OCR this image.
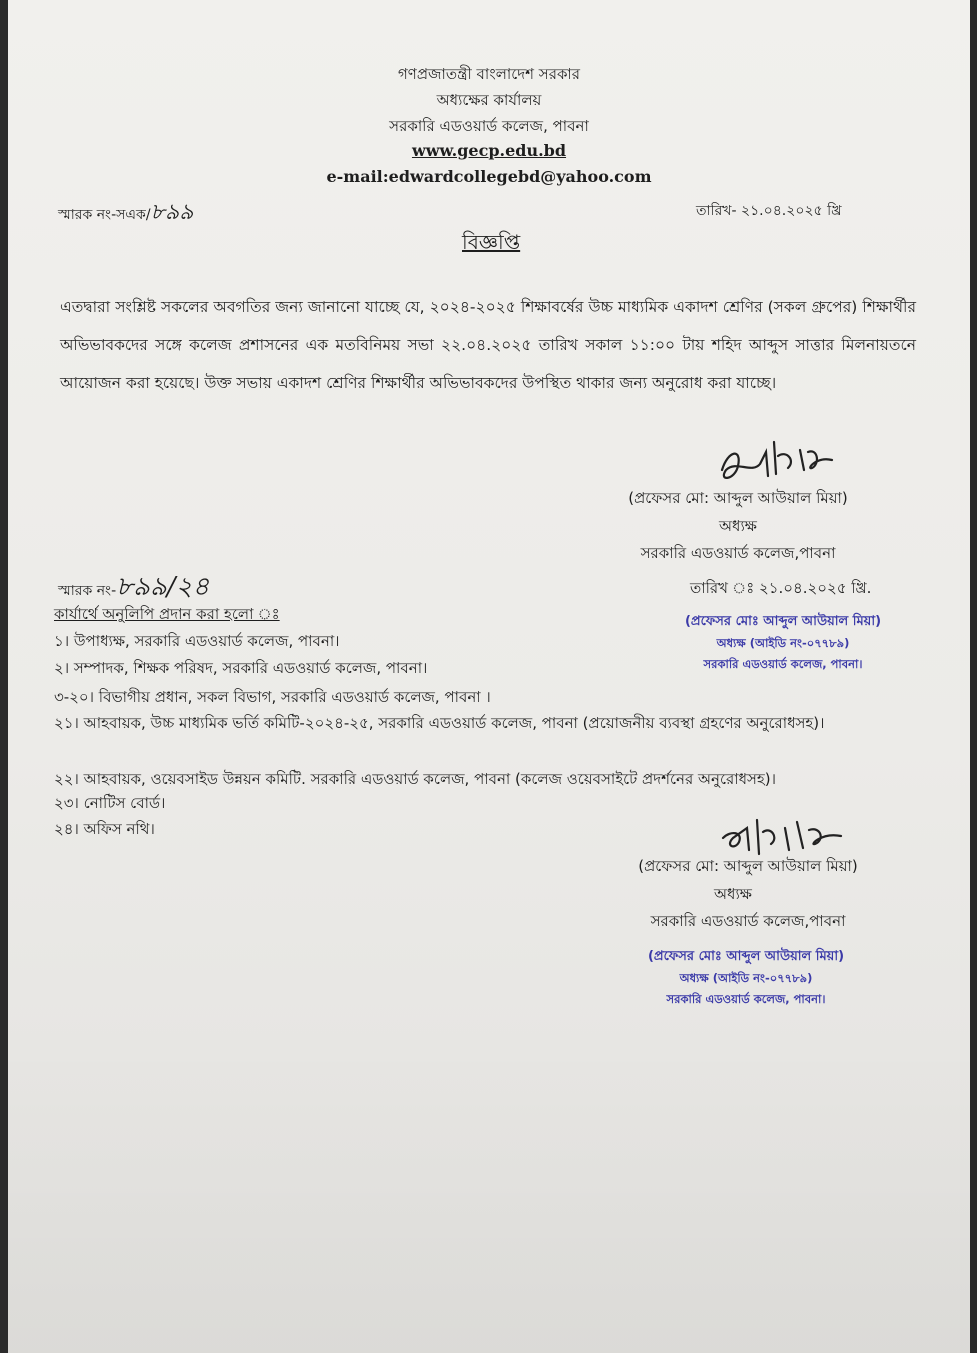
গণপ্রজাতন্ত্রী বাংলাদেশ সরকার
অধ্যক্ষের কার্যালয়
সরকারি এডওয়ার্ড কলেজ, পাবনা
www.gecp.edu.bd
e-mail:edwardcollegebd@yahoo.com
স্মারক নং-সএক/৮৯৯	তারিখ- ২১.০৪.২০২৫ খ্রি
বিজ্ঞপ্তি
এতদ্বারা সংশ্লিষ্ট সকলের অবগতির জন্য জানানো যাচ্ছে যে, ২০২৪-২০২৫ শিক্ষাবর্ষের উচ্চ মাধ্যমিক একাদশ শ্রেণির (সকল গ্রুপের) শিক্ষার্থীর অভিভাবকদের সঙ্গে কলেজ প্রশাসনের এক মতবিনিময় সভা ২২.০৪.২০২৫ তারিখ সকাল ১১:০০ টায় শহিদ আব্দুস সাত্তার মিলনায়তনে আয়োজন করা হয়েছে। উক্ত সভায় একাদশ শ্রেণির শিক্ষার্থীর অভিভাবকদের উপস্থিত থাকার জন্য অনুরোধ করা যাচ্ছে।
(প্রফেসর মো: আব্দুল আউয়াল মিয়া)
অধ্যক্ষ
সরকারি এডওয়ার্ড কলেজ,পাবনা
স্মারক নং-৮৯৯/২৪	তারিখ ঃ ২১.০৪.২০২৫ খ্রি.
(প্রফেসর মোঃ আব্দুল আউয়াল মিয়া)
অধ্যক্ষ (আইডি নং-০৭৭৮৯)
সরকারি এডওয়ার্ড কলেজ, পাবনা।
কার্যার্থে অনুলিপি প্রদান করা হলো ঃ
১। উপাধ্যক্ষ, সরকারি এডওয়ার্ড কলেজ, পাবনা।
২। সম্পাদক, শিক্ষক পরিষদ, সরকারি এডওয়ার্ড কলেজ, পাবনা।
৩-২০। বিভাগীয় প্রধান, সকল বিভাগ, সরকারি এডওয়ার্ড কলেজ, পাবনা ।
২১। আহবায়ক, উচ্চ মাধ্যমিক ভর্তি কমিটি-২০২৪-২৫, সরকারি এডওয়ার্ড কলেজ, পাবনা (প্রয়োজনীয় ব্যবস্থা গ্রহণের অনুরোধসহ)।
২২। আহবায়ক, ওয়েবসাইড উন্নয়ন কমিটি. সরকারি এডওয়ার্ড কলেজ, পাবনা (কলেজ ওয়েবসাইটে প্রদর্শনের অনুরোধসহ)।
২৩। নোটিস বোর্ড।
২৪। অফিস নথি।
(প্রফেসর মো: আব্দুল আউয়াল মিয়া)
অধ্যক্ষ
সরকারি এডওয়ার্ড কলেজ,পাবনা
(প্রফেসর মোঃ আব্দুল আউয়াল মিয়া)
অধ্যক্ষ (আইডি নং-০৭৭৮৯)
সরকারি এডওয়ার্ড কলেজ, পাবনা।
